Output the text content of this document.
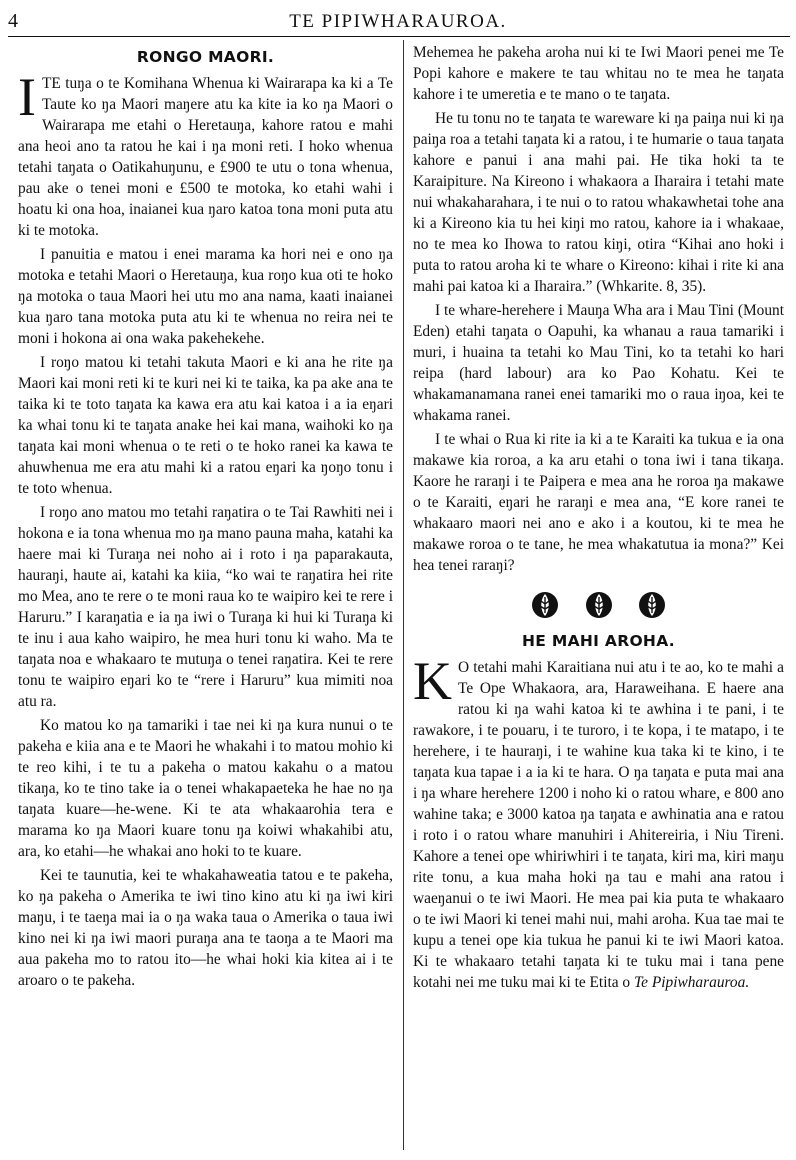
4	TE PIPIWHARAUROA.
RONGO MAORI.

ITE tuŋa o te Komihana Whenua ki Wairarapa ka ki a Te Taute ko ŋa Maori maŋere atu ka kite ia ko ŋa Maori o Wairarapa me etahi o Heretauŋa, kahore ratou e mahi ana heoi ano ta ratou he kai i ŋa moni reti. I hoko whenua tetahi taŋata o Oatikahuŋunu, e £900 te utu o tona whenua, pau ake o tenei moni e £500 te motoka, ko etahi wahi i hoatu ki ona hoa, inaianei kua ŋaro katoa tona moni puta atu ki te motoka.

I panuitia e matou i enei marama ka hori nei e ono ŋa motoka e tetahi Maori o Heretauŋa, kua roŋo kua oti te hoko ŋa motoka o taua Maori hei utu mo ana nama, kaati inaianei kua ŋaro tana motoka puta atu ki te whenua no reira nei te moni i hokona ai ona waka pakehekehe.

I roŋo matou ki tetahi takuta Maori e ki ana he rite ŋa Maori kai moni reti ki te kuri nei ki te taika, ka pa ake ana te taika ki te toto taŋata ka kawa era atu kai katoa i a ia eŋari ka whai tonu ki te taŋata anake hei kai mana, waihoki ko ŋa taŋata kai moni whenua o te reti o te hoko ranei ka kawa te ahuwhenua me era atu mahi ki a ratou eŋari ka ŋoŋo tonu i te toto whenua.

I roŋo ano matou mo tetahi raŋatira o te Tai Rawhiti nei i hokona e ia tona whenua mo ŋa mano pauna maha, katahi ka haere mai ki Turaŋa nei noho ai i roto i ŋa paparakauta, hauraŋi, haute ai, katahi ka kiia, “ko wai te raŋatira hei rite mo Mea, ano te rere o te moni raua ko te waipiro kei te rere i Haruru.” I karaŋatia e ia ŋa iwi o Turaŋa ki hui ki Turaŋa ki te inu i aua kaho waipiro, he mea huri tonu ki waho. Ma te taŋata noa e whakaaro te mutuŋa o tenei raŋatira. Kei te rere tonu te waipiro eŋari ko te “rere i Haruru” kua mimiti noa atu ra.

Ko matou ko ŋa tamariki i tae nei ki ŋa kura nunui o te pakeha e kiia ana e te Maori he whakahi i to matou mohio ki te reo kihi, i te tu a pakeha o matou kakahu o a matou tikaŋa, ko te tino take ia o tenei whakapaeteka he hae no ŋa taŋata kuare—he-wene. Ki te ata whakaarohia tera e marama ko ŋa Maori kuare tonu ŋa koiwi whakahibi atu, ara, ko etahi—he whakai ano hoki to te kuare.

Kei te taunutia, kei te whakahaweatia tatou e te pakeha, ko ŋa pakeha o Amerika te iwi tino kino atu ki ŋa iwi kiri maŋu, i te taeŋa mai ia o ŋa waka taua o Amerika o taua iwi kino nei ki ŋa iwi maori puraŋa ana te taoŋa a te Maori ma aua pakeha mo to ratou ito—he whai hoki kia kitea ai i te aroaro o te pakeha.

Mehemea he pakeha aroha nui ki te Iwi Maori penei me Te Popi kahore e makere te tau whitau no te mea he taŋata kahore i te umeretia e te mano o te taŋata.

He tu tonu no te taŋata te wareware ki ŋa paiŋa nui ki ŋa paiŋa roa a tetahi taŋata ki a ratou, i te humarie o taua taŋata kahore e panui i ana mahi pai. He tika hoki ta te Karaipiture. Na Kireono i whakaora a Iharaira i tetahi mate nui whakaharahara, i te nui o to ratou whakawhetai tohe ana ki a Kireono kia tu hei kiŋi mo ratou, kahore ia i whakaae, no te mea ko Ihowa to ratou kiŋi, otira “Kihai ano hoki i puta to ratou aroha ki te whare o Kireono: kihai i rite ki ana mahi pai katoa ki a Iharaira.” (Whkarite. 8, 35).

I te whare-herehere i Mauŋa Wha ara i Mau Tini (Mount Eden) etahi taŋata o Oapuhi, ka whanau a raua tamariki i muri, i huaina ta tetahi ko Mau Tini, ko ta tetahi ko hari reipa (hard labour) ara ko Pao Kohatu. Kei te whakamanamana ranei enei tamariki mo o raua iŋoa, kei te whakama ranei.

I te whai o Rua ki rite ia ki a te Karaiti ka tukua e ia ona makawe kia roroa, a ka aru etahi o tona iwi i tana tikaŋa. Kaore he raraŋi i te Paipera e mea ana he roroa ŋa makawe o te Karaiti, eŋari he raraŋi e mea ana, “E kore ranei te whakaaro maori nei ano e ako i a koutou, ki te mea he makawe roroa o te tane, he mea whakatutua ia mona?” Kei hea tenei raraŋi?

HE MAHI AROHA.

K O tetahi mahi Karaitiana nui atu i te ao, ko te mahi a Te Ope Whakaora, ara, Haraweihana. E haere ana ratou ki ŋa wahi katoa ki te awhina i te pani, i te rawakore, i te pouaru, i te turoro, i te kopa, i te matapo, i te herehere, i te hauraŋi, i te wahine kua taka ki te kino, i te taŋata kua tapae i a ia ki te hara. O ŋa taŋata e puta mai ana i ŋa whare herehere 1200 i noho ki o ratou whare, e 800 ano wahine taka; e 3000 katoa ŋa taŋata e awhinatia ana e ratou i roto i o ratou whare manuhiri i Ahitereiria, i Niu Tireni. Kahore a tenei ope whiriwhiri i te taŋata, kiri ma, kiri maŋu rite tonu, a kua maha hoki ŋa tau e mahi ana ratou i waeŋanui o te iwi Maori. He mea pai kia puta te whakaaro o te iwi Maori ki tenei mahi nui, mahi aroha. Kua tae mai te kupu a tenei ope kia tukua he panui ki te iwi Maori katoa. Ki te whakaaro tetahi taŋata ki te tuku mai i tana pene kotahi nei me tuku mai ki te Etita o Te Pipiwharauroa.
